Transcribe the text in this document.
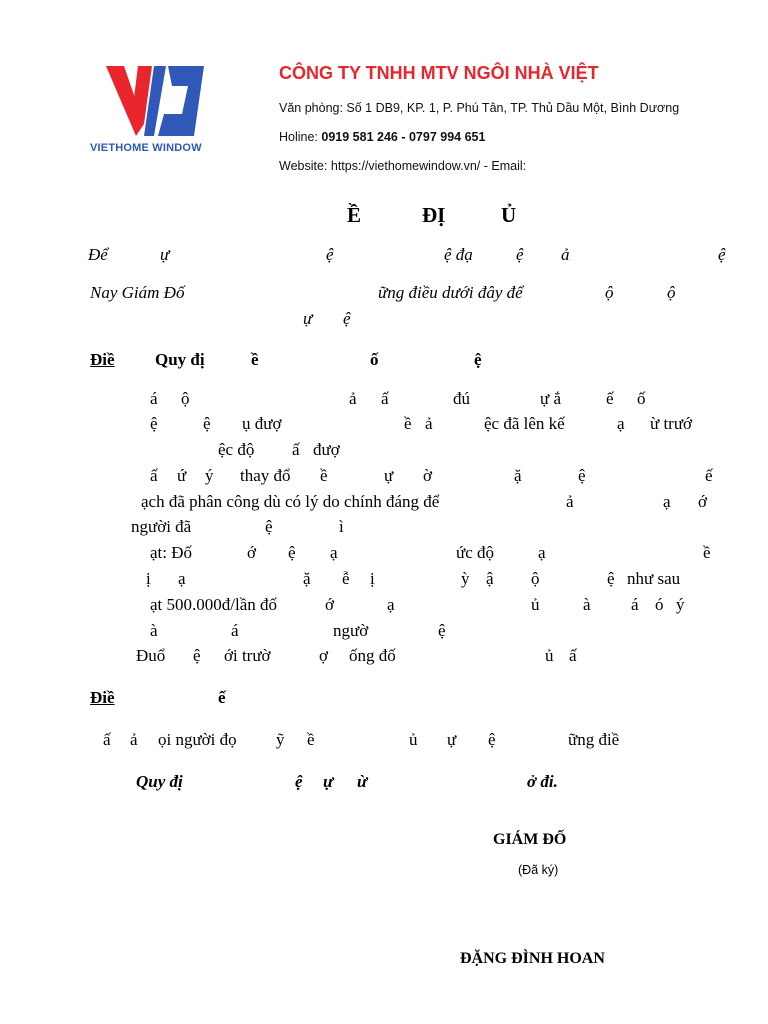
VIETHOME WINDOW
CÔNG TY TNHH MTV NGÔI NHÀ VIỆT
Văn phòng: Số 1 DB9, KP. 1, P. Phú Tân, TP. Thủ Dầu Một, Bình Dương
Holine: 0919 581 246 - 0797 994 651
Website: https://viethomewindow.vn/ - Email:
Ề	ĐỊ	Ủ
Để	ự	ệ	ệ đạ	ệ ả	ệ
Nay Giám Đố	ững điều dưới đây để	ộ	ộ
ự ệ
Điề	Quy đị	ề	ố	ệ
á ộ	ả ấ	đú	ự ắ	ế ố
ệ	ệ ụ đượ	ề ả	ệc đã lên kế	ạ ừ trướ
ệc độ ấ đượ
ấ ứ ý thay đổ ề	ự ờ	ặ	ệ	ế
ạch đã phân công dù có lý do chính đáng để	ả	ạ ớ
người đã	ệ	ì
ạt: Đố	ớ ệ ạ	ức độ	ạ	ề
ị ạ	ặ ễ ị	ỳ ậ ộ	ệ như sau
ạt 500.000đ/lần đố	ớ	ạ	ủ	à á ó ý
à	á	ngườ	ệ
Đuổ ệ ới trườ	ợ ống đố	ủ ấ
Điề	ế
ấ ả ọi người đọ ỹ ề	ủ ự ệ	ững điề
Quy đị	ệ ự ừ	ở đi.
GIÁM ĐỐ
(Đã ký)
ĐẶNG ĐÌNH HOAN
